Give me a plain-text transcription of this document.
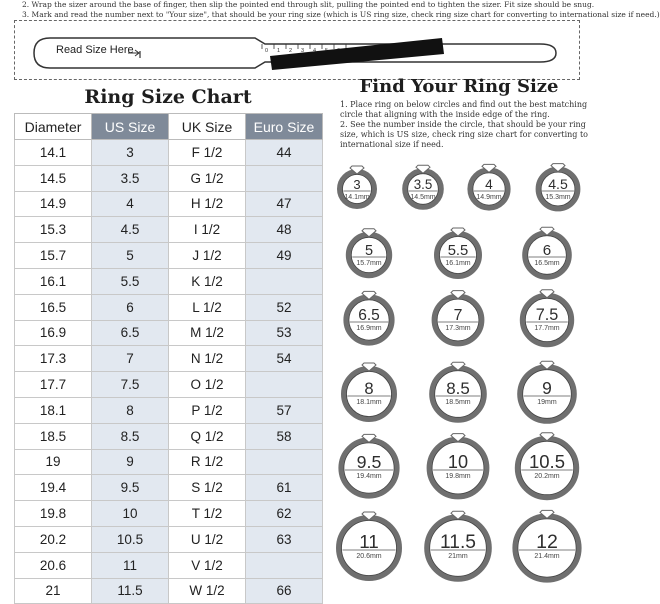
2. Wrap the sizer around the base of finger, then slip the pointed end through slit, pulling the pointed end to tighten the sizer. Fit size should be snug.
3. Mark and read the number next to "Your size", that should be your ring size (which is US ring size, check ring size chart for converting to international size if need.)
0 1 2 3 4
Read Size Here
Ring Size Chart
Diameter	US Size	UK Size	Euro Size
14.1	3	F 1/2	44
14.5	3.5	G 1/2	
14.9	4	H 1/2	47
15.3	4.5	I 1/2	48
15.7	5	J 1/2	49
16.1	5.5	K 1/2	
16.5	6	L 1/2	52
16.9	6.5	M 1/2	53
17.3	7	N 1/2	54
17.7	7.5	O 1/2	
18.1	8	P 1/2	57
18.5	8.5	Q 1/2	58
19	9	R 1/2	
19.4	9.5	S 1/2	61
19.8	10	T 1/2	62
20.2	10.5	U 1/2	63
20.6	11	V 1/2	
21	11.5	W 1/2	66
Find Your Ring Size
1. Place ring on below circles and find out the best matching circle that aligning with the inside edge of the ring.
2. See the number inside the circle, that should be your ring size, which is US size, check ring size chart for converting to international size if need.
3
14.1mm
3.5
14.5mm
4
14.9mm
4.5
15.3mm
5
15.7mm
5.5
16.1mm
6
16.5mm
6.5
16.9mm
7
17.3mm
7.5
17.7mm
8
18.1mm
8.5
18.5mm
9
19mm
9.5
19.4mm
10
19.8mm
10.5
20.2mm
11
20.6mm
11.5
21mm
12
21.4mm
